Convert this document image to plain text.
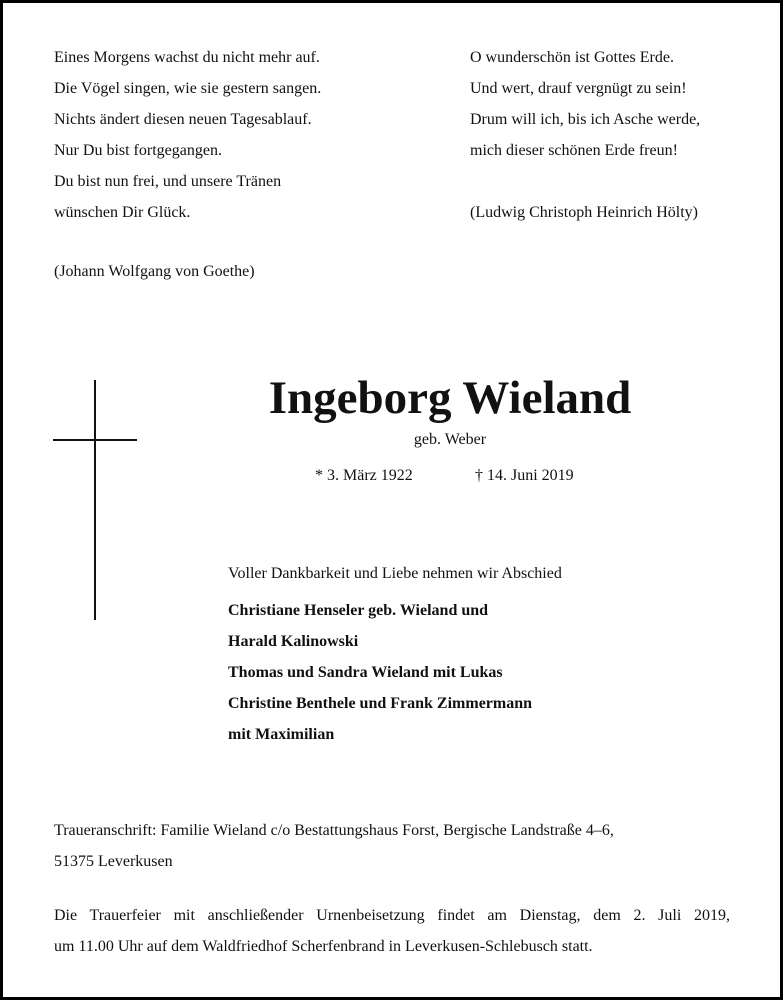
Eines Morgens wachst du nicht mehr auf.
Die Vögel singen, wie sie gestern sangen.
Nichts ändert diesen neuen Tagesablauf.
Nur Du bist fortgegangen.
Du bist nun frei, und unsere Tränen
wünschen Dir Glück.
(Johann Wolfgang von Goethe)
O wunderschön ist Gottes Erde.
Und wert, drauf vergnügt zu sein!
Drum will ich, bis ich Asche werde,
mich dieser schönen Erde freun!
(Ludwig Christoph Heinrich Hölty)
Ingeborg Wieland
geb. Weber
* 3. März 1922	† 14. Juni 2019
Voller Dankbarkeit und Liebe nehmen wir Abschied
Christiane Henseler geb. Wieland und
Harald Kalinowski
Thomas und Sandra Wieland mit Lukas
Christine Benthele und Frank Zimmermann
mit Maximilian
Traueranschrift: Familie Wieland c/o Bestattungshaus Forst, Bergische Landstraße 4–6,
51375 Leverkusen
Die Trauerfeier mit anschließender Urnenbeisetzung findet am Dienstag, dem 2. Juli 2019,
um 11.00 Uhr auf dem Waldfriedhof Scherfenbrand in Leverkusen-Schlebusch statt.
